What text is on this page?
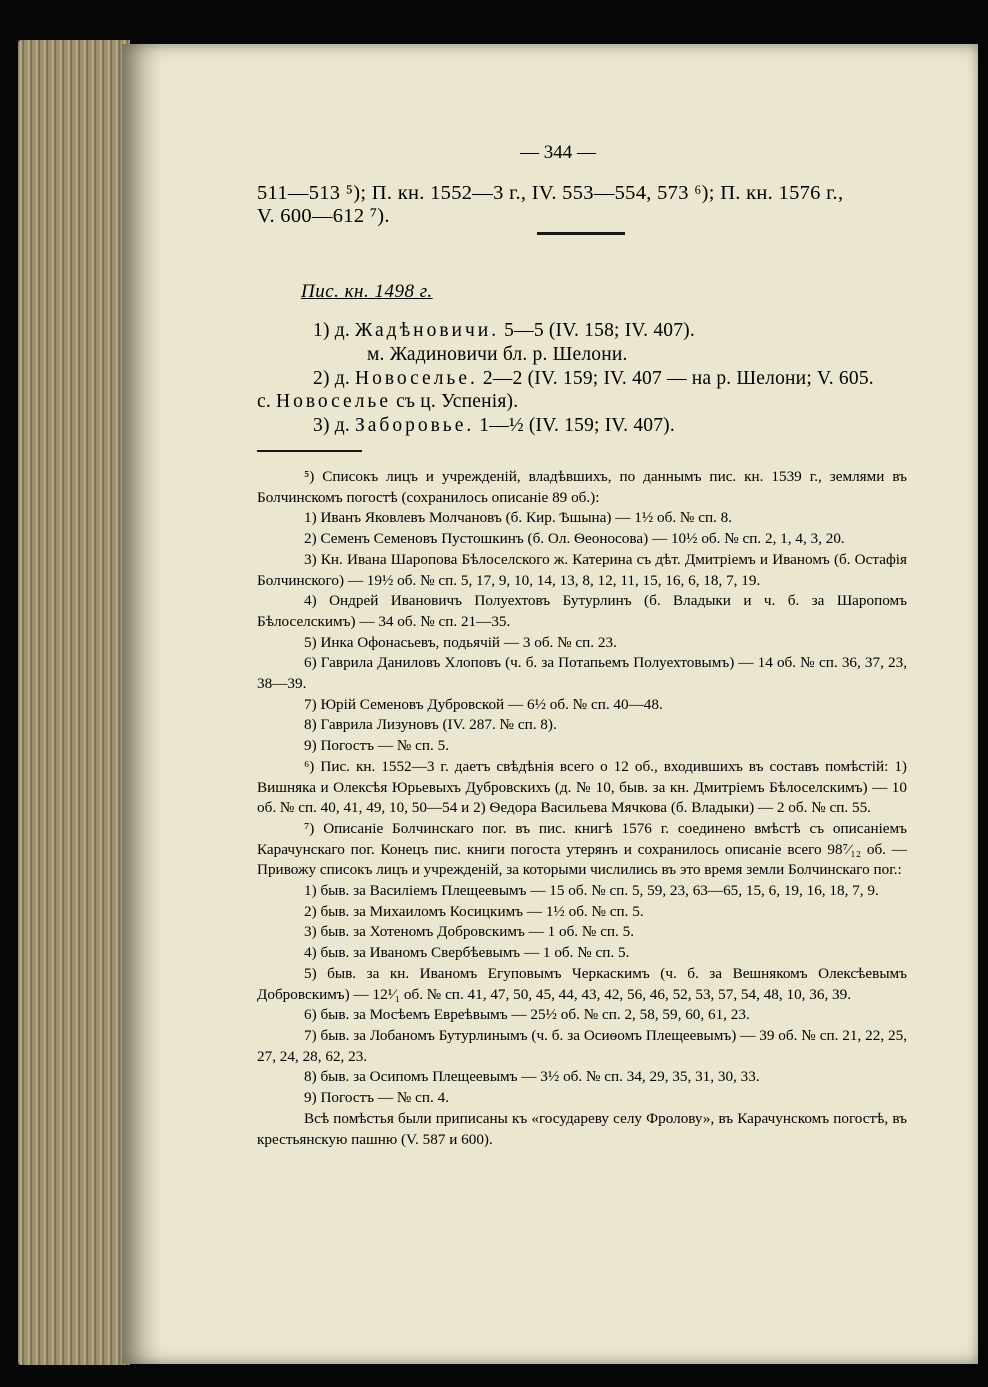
— 344 —
511—513 ⁵); П. кн. 1552—3 г., IV. 553—554, 573 ⁶); П. кн. 1576 г.,
V. 600—612 ⁷).
Пис. кн. 1498 г.
1) д. Жадѣновичи. 5—5 (IV. 158; IV. 407).
м. Жадиновичи бл. р. Шелони.
2) д. Новоселье. 2—2 (IV. 159; IV. 407 — на р. Шелони; V. 605.
с. Новоселье съ ц. Успенія).
3) д. Заборовье. 1—½ (IV. 159; IV. 407).

⁵) Списокъ лицъ и учрежденій, владѣвшихъ, по даннымъ пис. кн. 1539 г., землями въ Болчинскомъ погостѣ (сохранилось описаніе 89 об.):

1) Иванъ Яковлевъ Молчановъ (б. Кир. Ѣшына) — 1½ об. № сп. 8.

2) Семенъ Семеновъ Пустошкинъ (б. Ол. Ѳеонoсова) — 10½ об. № сп. 2, 1, 4, 3, 20.

3) Кн. Ивана Шаропова Бѣлоселского ж. Катерина съ дѣт. Дмитріемъ и Иваномъ (б. Остафія Болчинского) — 19½ об. № сп. 5, 17, 9, 10, 14, 13, 8, 12, 11, 15, 16, 6, 18, 7, 19.

4) Ондрей Ивановичъ Полуехтовъ Бутурлинъ (б. Владыки и ч. б. за Шаропомъ Бѣлоселскимъ) — 34 об. № сп. 21—35.

5) Инка Офонасьевъ, подьячій — 3 об. № сп. 23.

6) Гаврила Даниловъ Хлоповъ (ч. б. за Потапьемъ Полуехтовымъ) — 14 об. № сп. 36, 37, 23, 38—39.

7) Юрій Семеновъ Дубровской — 6½ об. № сп. 40—48.

8) Гаврила Лизуновъ (IV. 287. № сп. 8).

9) Погостъ — № сп. 5.

⁶) Пис. кн. 1552—3 г. даетъ свѣдѣнія всего о 12 об., входившихъ въ составъ помѣстій: 1) Вишняка и Олексѣя Юрьевыхъ Дубровскихъ (д. № 10, быв. за кн. Дмитріемъ Бѣлоселскимъ) — 10 об. № сп. 40, 41, 49, 10, 50—54 и 2) Ѳедора Васильева Мячкова (б. Владыки) — 2 об. № сп. 55.

⁷) Описаніе Болчинскаго пог. въ пис. книгѣ 1576 г. соединено вмѣстѣ съ описаніемъ Карачунскаго пог. Конецъ пис. книги погоста утерянъ и сохранилось описаніе всего 98⁷⁄₁₂ об. — Привожу списокъ лицъ и учрежденій, за которыми числились въ это время земли Болчинскаго пог.:

1) быв. за Василіемъ Плещеевымъ — 15 об. № сп. 5, 59, 23, 63—65, 15, 6, 19, 16, 18, 7, 9.

2) быв. за Михаиломъ Косицкимъ — 1½ об. № сп. 5.

3) быв. за Хотеномъ Добровскимъ — 1 об. № сп. 5.

4) быв. за Иваномъ Свербѣевымъ — 1 об. № сп. 5.

5) быв. за кн. Иваномъ Егуповымъ Черкаскимъ (ч. б. за Вешнякомъ Олексѣевымъ Добровскимъ) — 12¹⁄₁ об. № сп. 41, 47, 50, 45, 44, 43, 42, 56, 46, 52, 53, 57, 54, 48, 10, 36, 39.

6) быв. за Мосѣемъ Евреѣвымъ — 25½ об. № сп. 2, 58, 59, 60, 61, 23.

7) быв. за Лобаномъ Бутурлинымъ (ч. б. за Осиѳомъ Плещеевымъ) — 39 об. № сп. 21, 22, 25, 27, 24, 28, 62, 23.

8) быв. за Осипомъ Плещеевымъ — 3½ об. № сп. 34, 29, 35, 31, 30, 33.

9) Погостъ — № сп. 4.

Всѣ помѣстья были приписаны къ «государеву селу Фролову», въ Карачунскомъ погостѣ, въ крестьянскую пашню (V. 587 и 600).
